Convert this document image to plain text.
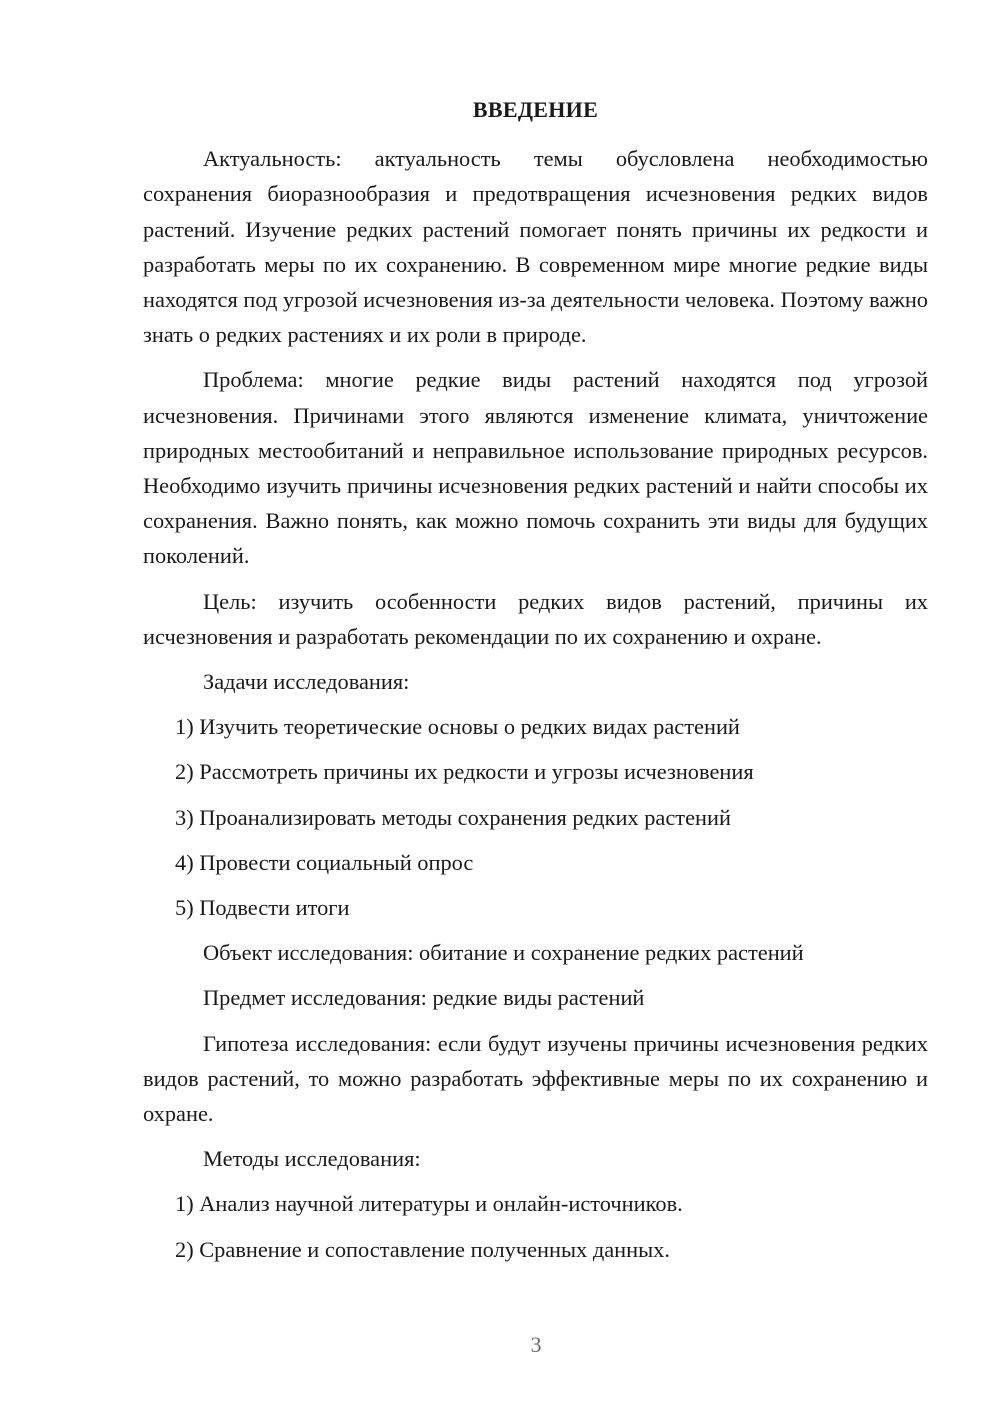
ВВЕДЕНИЕ

Актуальность: актуальность темы обусловлена необходимостью сохранения биоразнообразия и предотвращения исчезновения редких видов растений. Изучение редких растений помогает понять причины их редкости и разработать меры по их сохранению. В современном мире многие редкие виды находятся под угрозой исчезновения из-за деятельности человека. Поэтому важно знать о редких растениях и их роли в природе.

Проблема: многие редкие виды растений находятся под угрозой исчезновения. Причинами этого являются изменение климата, уничтожение природных местообитаний и неправильное использование природных ресурсов. Необходимо изучить причины исчезновения редких растений и найти способы их сохранения. Важно понять, как можно помочь сохранить эти виды для будущих поколений.

Цель: изучить особенности редких видов растений, причины их исчезновения и разработать рекомендации по их сохранению и охране.

Задачи исследования:

1) Изучить теоретические основы о редких видах растений
2) Рассмотреть причины их редкости и угрозы исчезновения
3) Проанализировать методы сохранения редких растений
4) Провести социальный опрос
5) Подвести итоги

Объект исследования: обитание и сохранение редких растений

Предмет исследования: редкие виды растений

Гипотеза исследования: если будут изучены причины исчезновения редких видов растений, то можно разработать эффективные меры по их сохранению и охране.

Методы исследования:

1) Анализ научной литературы и онлайн-источников.
2) Сравнение и сопоставление полученных данных.
3
